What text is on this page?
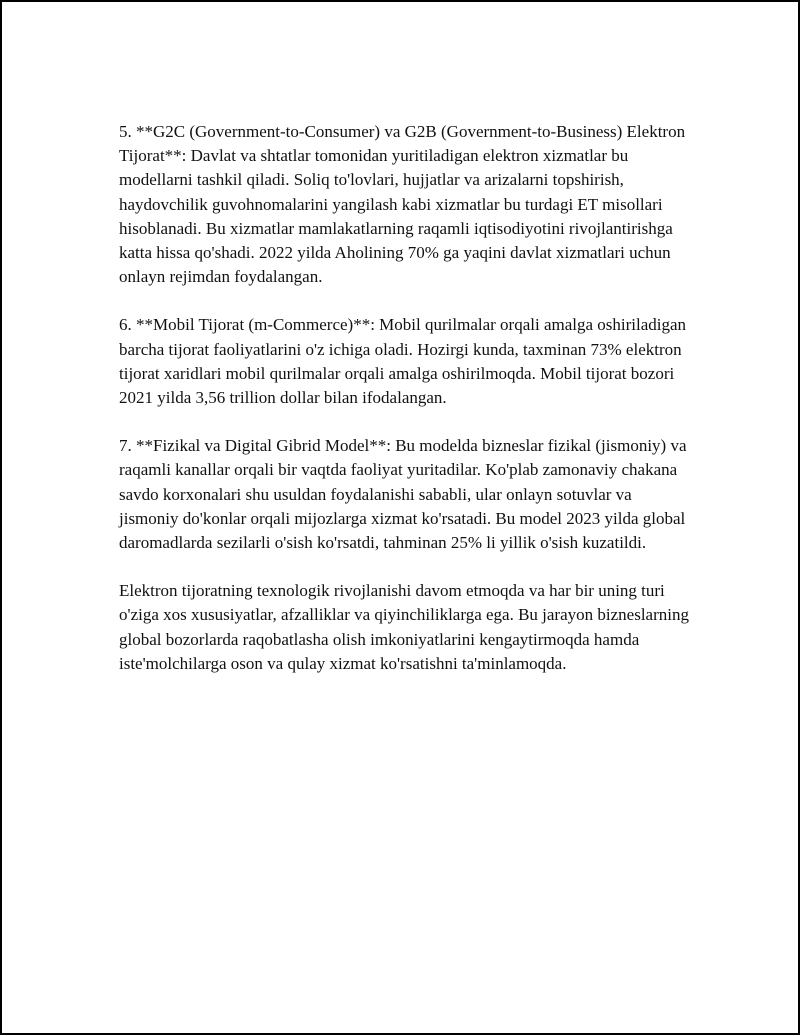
5. **G2C (Government-to-Consumer) va G2B (Government-to-Business) Elektron Tijorat**: Davlat va shtatlar tomonidan yuritiladigan elektron xizmatlar bu modellarni tashkil qiladi. Soliq to'lovlari, hujjatlar va arizalarni topshirish, haydovchilik guvohnomalarini yangilash kabi xizmatlar bu turdagi ET misollari hisoblanadi. Bu xizmatlar mamlakatlarning raqamli iqtisodiyotini rivojlantirishga katta hissa qo'shadi. 2022 yilda Aholining 70% ga yaqini davlat xizmatlari uchun onlayn rejimdan foydalangan.

6. **Mobil Tijorat (m-Commerce)**: Mobil qurilmalar orqali amalga oshiriladigan barcha tijorat faoliyatlarini o'z ichiga oladi. Hozirgi kunda, taxminan 73% elektron tijorat xaridlari mobil qurilmalar orqali amalga oshirilmoqda. Mobil tijorat bozori 2021 yilda 3,56 trillion dollar bilan ifodalangan.

7. **Fizikal va Digital Gibrid Model**: Bu modelda bizneslar fizikal (jismoniy) va raqamli kanallar orqali bir vaqtda faoliyat yuritadilar. Ko'plab zamonaviy chakana savdo korxonalari shu usuldan foydalanishi sababli, ular onlayn sotuvlar va jismoniy do'konlar orqali mijozlarga xizmat ko'rsatadi. Bu model 2023 yilda global daromadlarda sezilarli o'sish ko'rsatdi, tahminan 25% li yillik o'sish kuzatildi.

Elektron tijoratning texnologik rivojlanishi davom etmoqda va har bir uning turi o'ziga xos xususiyatlar, afzalliklar va qiyinchiliklarga ega. Bu jarayon bizneslarning global bozorlarda raqobatlasha olish imkoniyatlarini kengaytirmoqda hamda iste'molchilarga oson va qulay xizmat ko'rsatishni ta'minlamoqda.
